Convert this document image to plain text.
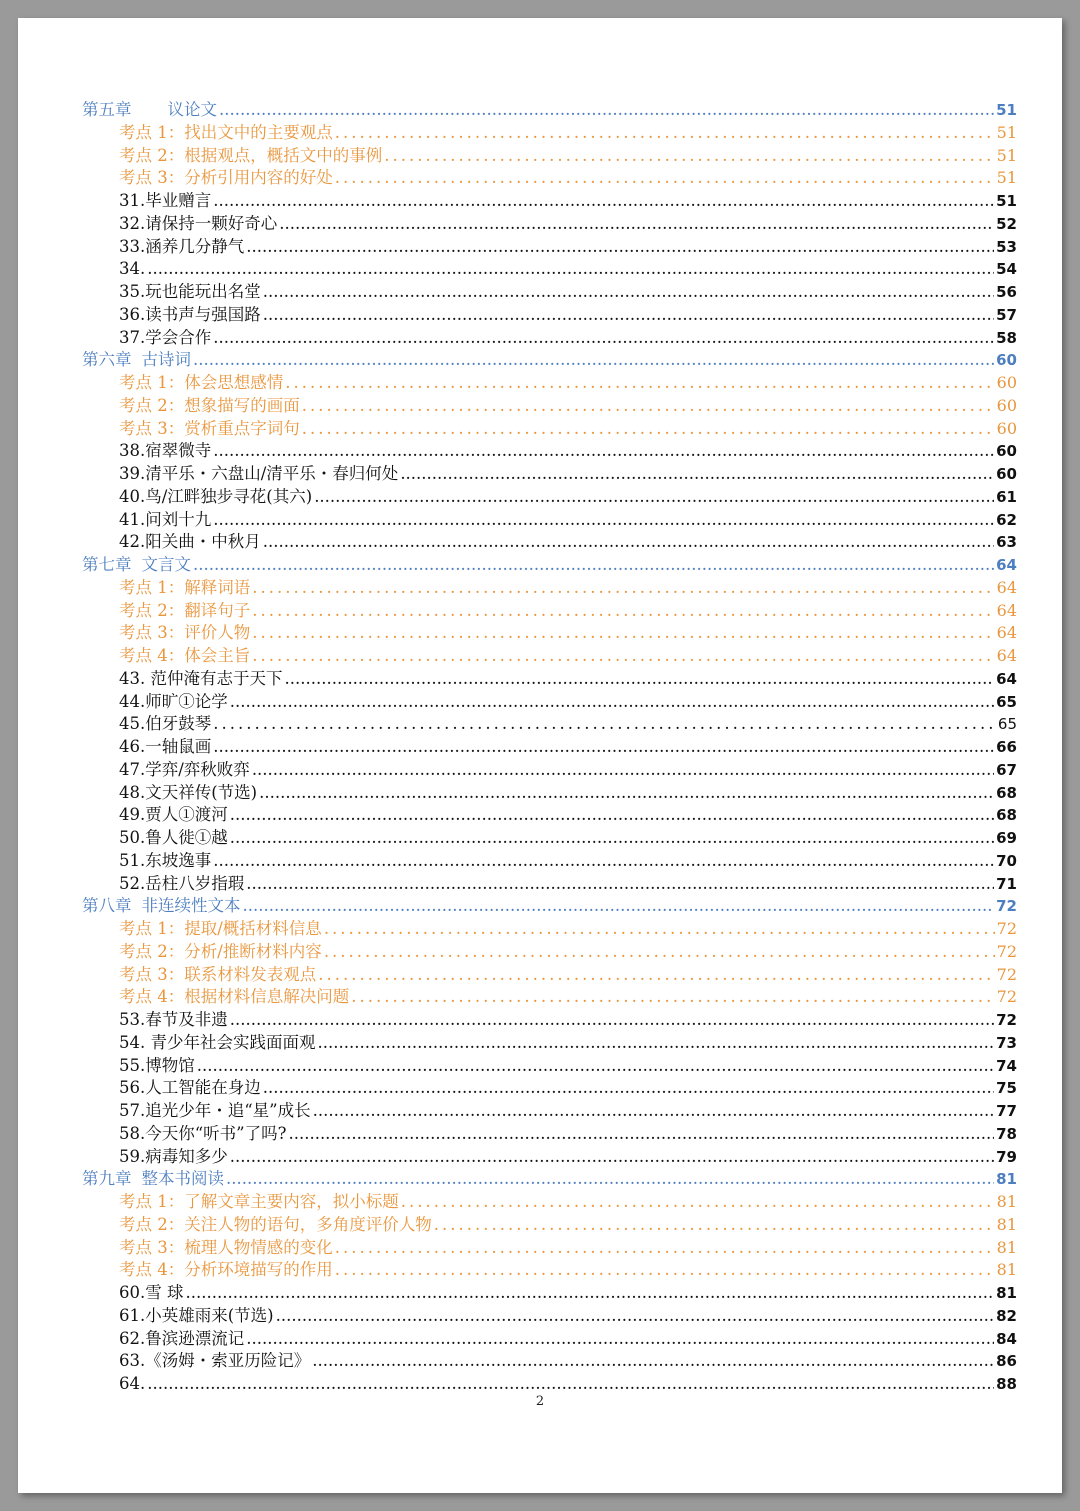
第五章 议论文 .....	51
考点 1：找出文中的主要观点 .....	51
考点 2：根据观点，概括文中的事例 .....	51
考点 3：分析引用内容的好处 .....	51
31.毕业赠言 .....	51
32.请保持一颗好奇心 .....	52
33.涵养几分静气 .....	53
34. .....	54
35.玩也能玩出名堂 .....	56
36.读书声与强国路 .....	57
37.学会合作 .....	58
第六章 古诗词 .....	60
考点 1：体会思想感情 .....	60
考点 2：想象描写的画面 .....	60
考点 3：赏析重点字词句 .....	60
38.宿翠微寺 .....	60
39.清平乐・六盘山/清平乐・春归何处 .....	60
40.鸟/江畔独步寻花(其六) .....	61
41.问刘十九 .....	62
42.阳关曲・中秋月 .....	63
第七章 文言文 .....	64
考点 1：解释词语 .....	64
考点 2：翻译句子 .....	64
考点 3：评价人物 .....	64
考点 4：体会主旨 .....	64
43. 范仲淹有志于天下 .....	64
44.师旷①论学 .....	65
45.伯牙鼓琴 .....	65
46.一轴鼠画 .....	66
47.学弈/弈秋败弈 .....	67
48.文天祥传(节选) .....	68
49.贾人①渡河 .....	68
50.鲁人徙①越 .....	69
51.东坡逸事 .....	70
52.岳柱八岁指瑕 .....	71
第八章 非连续性文本 .....	72
考点 1：提取/概括材料信息 .....	72
考点 2：分析/推断材料内容 .....	72
考点 3：联系材料发表观点 .....	72
考点 4：根据材料信息解决问题 .....	72
53.春节及非遗 .....	72
54. 青少年社会实践面面观 .....	73
55.博物馆 .....	74
56.人工智能在身边 .....	75
57.追光少年・追“星”成长 .....	77
58.今天你“听书”了吗? .....	78
59.病毒知多少 .....	79
第九章 整本书阅读 .....	81
考点 1：了解文章主要内容，拟小标题 .....	81
考点 2：关注人物的语句，多角度评价人物 .....	81
考点 3：梳理人物情感的变化 .....	81
考点 4：分析环境描写的作用 .....	81
60.雪 球 .....	81
61.小英雄雨来(节选) .....	82
62.鲁滨逊漂流记 .....	84
63.《汤姆・索亚历险记》 .....	86
64. .....	88
2
